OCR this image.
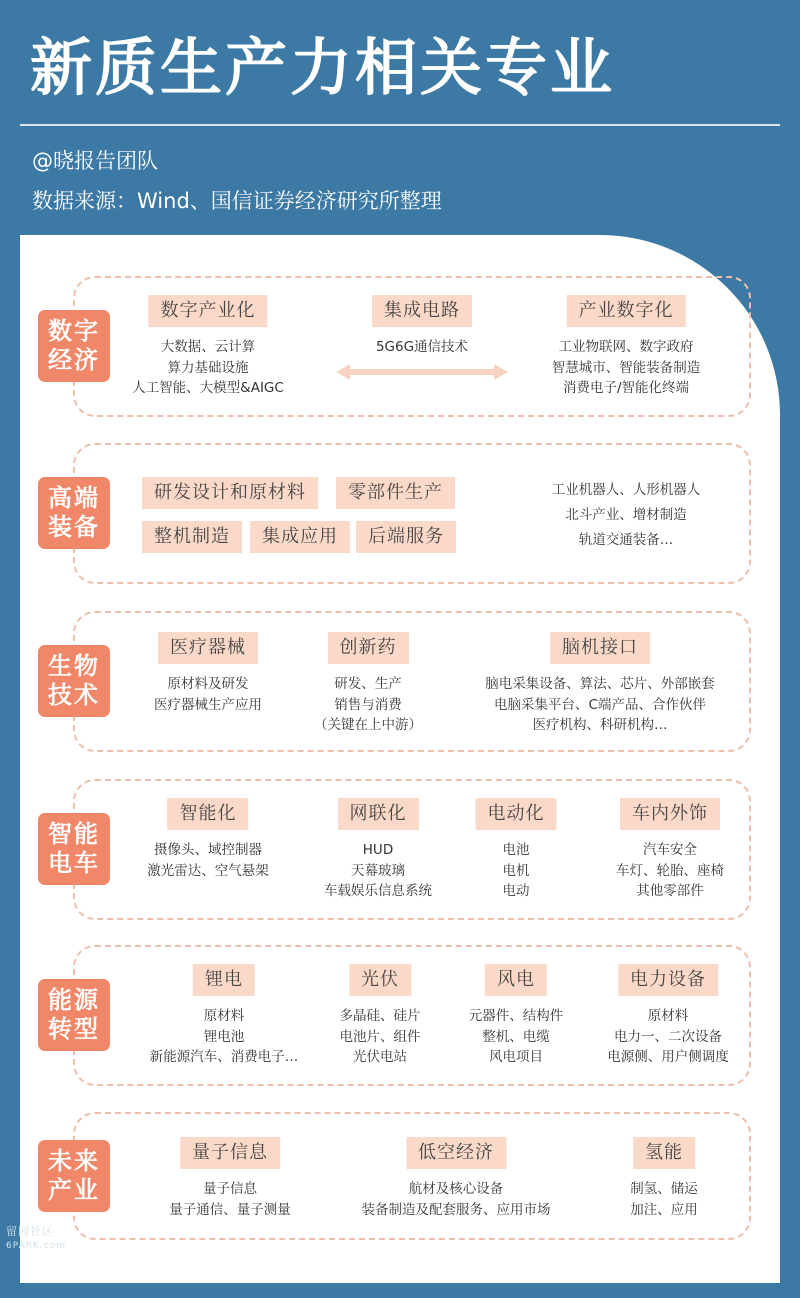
新质生产力相关专业
@晓报告团队
数据来源：Wind、国信证券经济研究所整理
留园社区
6PARK.com
数字
经济
数字产业化
大数据、云计算
算力基础设施
人工智能、大模型&AIGC
集成电路
5G6G通信技术
产业数字化
工业物联网、数字政府
智慧城市、智能装备制造
消费电子/智能化终端
高端
装备
研发设计和原材料	零部件生产
整机制造	集成应用	后端服务
工业机器人、人形机器人
北斗产业、增材制造
轨道交通装备…
生物
技术
医疗器械
原材料及研发
医疗器械生产应用
创新药
研发、生产
销售与消费
（关键在上中游）
脑机接口
脑电采集设备、算法、芯片、外部嵌套
电脑采集平台、C端产品、合作伙伴
医疗机构、科研机构…
智能
电车
智能化
摄像头、域控制器
激光雷达、空气悬架
网联化
HUD
天幕玻璃
车载娱乐信息系统
电动化
电池
电机
电动
车内外饰
汽车安全
车灯、轮胎、座椅
其他零部件
能源
转型
锂电
原材料
锂电池
新能源汽车、消费电子…
光伏
多晶硅、硅片
电池片、组件
光伏电站
风电
元器件、结构件
整机、电缆
风电项目
电力设备
原材料
电力一、二次设备
电源侧、用户侧调度
未来
产业
量子信息
量子信息
量子通信、量子测量
低空经济
航材及核心设备
装备制造及配套服务、应用市场
氢能
制氢、储运
加注、应用
